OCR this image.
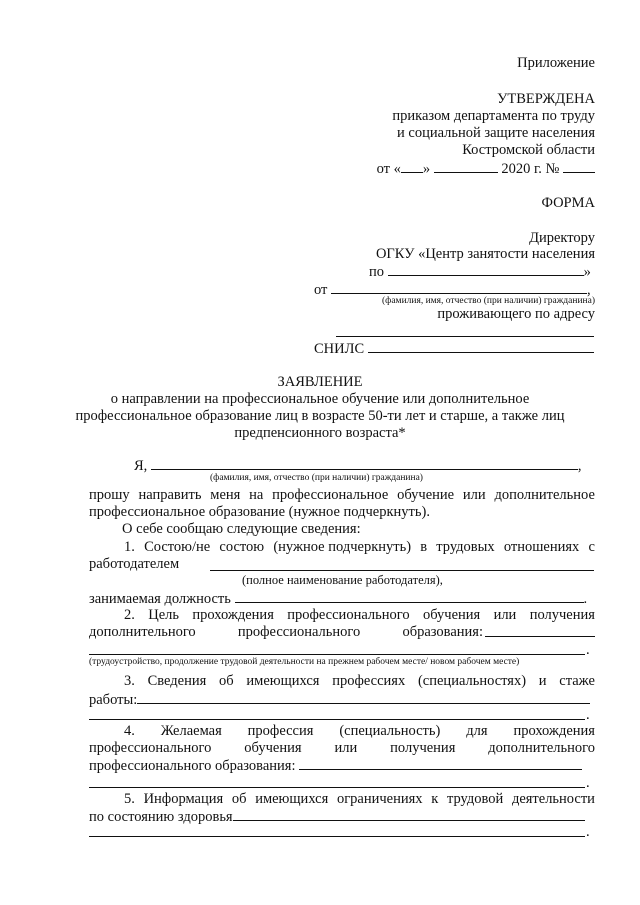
Приложение
УТВЕРЖДЕНА
приказом департамента по труду
и социальной защите населения
Костромской области
от « »	2020 г. №
ФОРМА
Директору
ОГКУ «Центр занятости населения
по	»
от	,
(фамилия, имя, отчество (при наличии) гражданина)
проживающего по адресу
СНИЛС
ЗАЯВЛЕНИЕ
о направлении на профессиональное обучение или дополнительное
профессиональное образование лиц в возрасте 50-ти лет и старше, а также лиц
предпенсионного возраста*
Я,	,
(фамилия, имя, отчество (при наличии) гражданина)
прошу направить меня на профессиональное обучение или дополнительное
профессиональное образование (нужное подчеркнуть).
О себе сообщаю следующие сведения:
1. Состою/не состою (нужное подчеркнуть) в трудовых отношениях с
работодателем
(полное наименование работодателя),
занимаемая должность	.
2. Цель прохождения профессионального обучения или получения
дополнительного	профессионального	образования:
.
(трудоустройство, продолжение трудовой деятельности на прежнем рабочем месте/ новом рабочем месте)
3. Сведения об имеющихся профессиях (специальностях) и стаже
работы:
.
4. Желаемая профессия (специальность) для прохождения
профессионального обучения или получения дополнительного
профессионального образования:
.
5. Информация об имеющихся ограничениях к трудовой деятельности
по состоянию здоровья
.
